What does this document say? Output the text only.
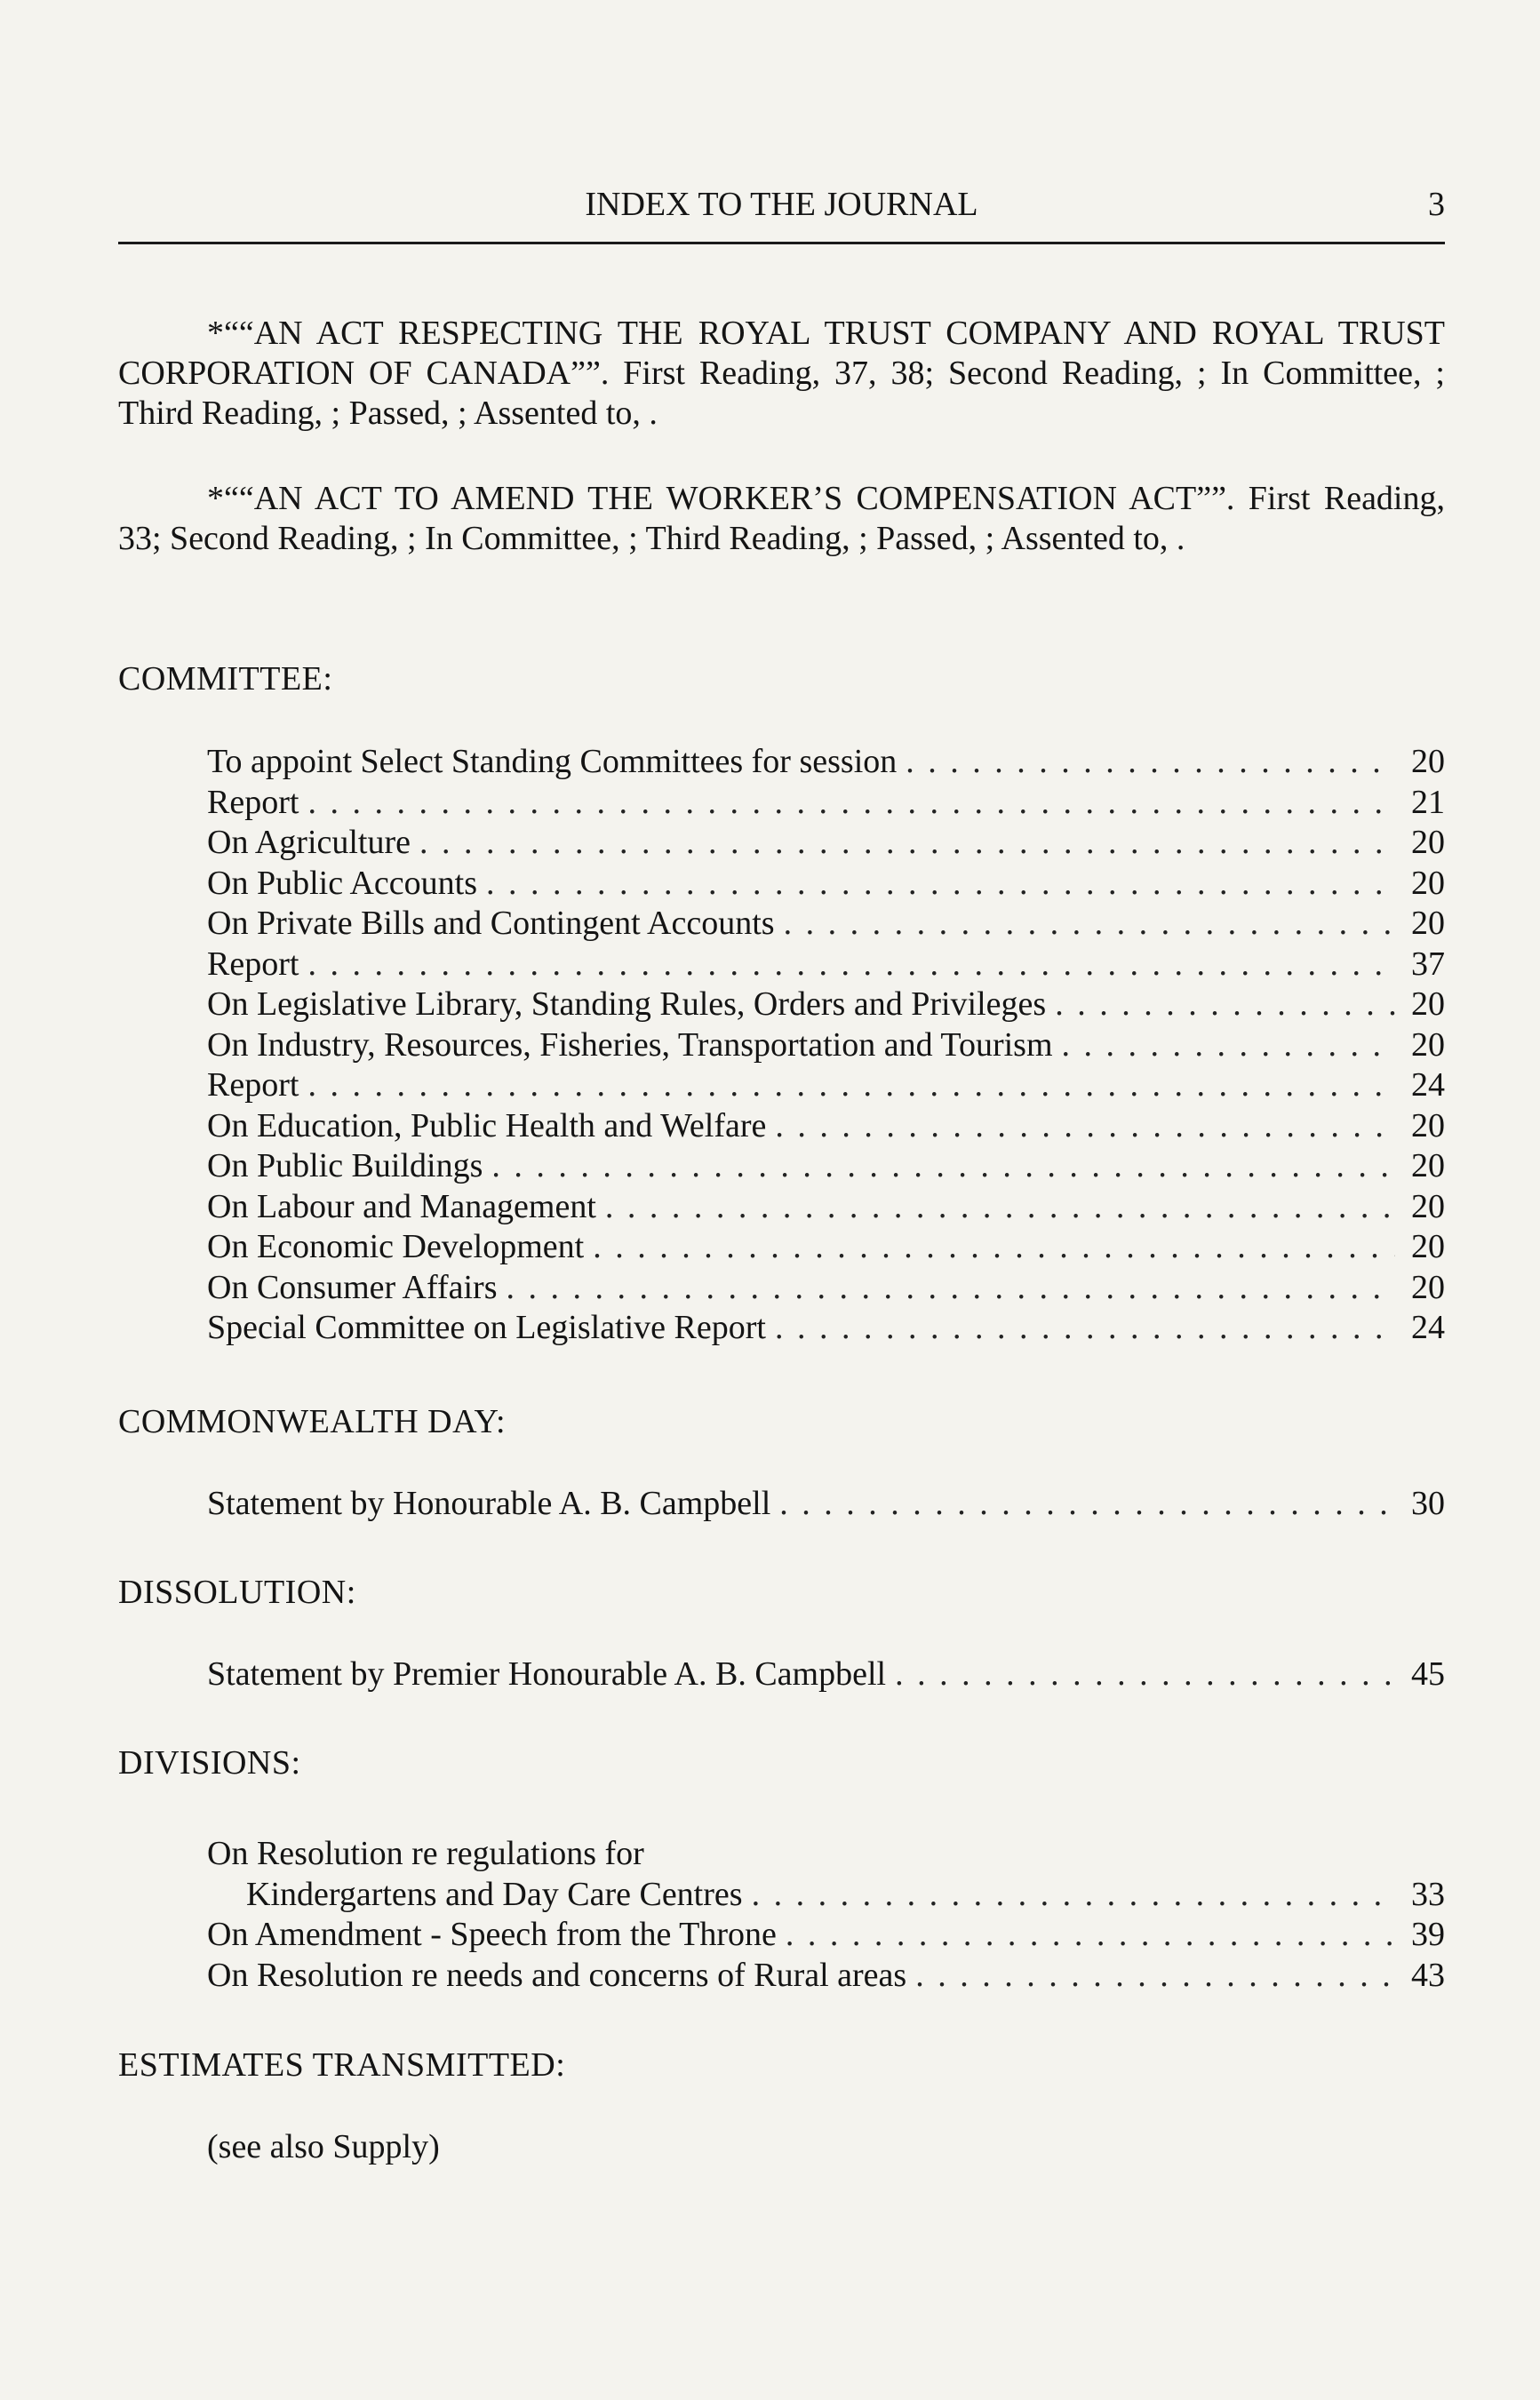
INDEX TO THE JOURNAL	3

*““AN ACT RESPECTING THE ROYAL TRUST COMPANY AND ROYAL TRUST CORPORATION OF CANADA””. First Reading, 37, 38; Second Reading, ; In Committee, ; Third Reading, ; Passed, ; Assented to, .

*““AN ACT TO AMEND THE WORKER’S COMPENSATION ACT””. First Reading, 33; Second Reading, ; In Committee, ; Third Reading, ; Passed, ; Assented to, .

COMMITTEE:
To appoint Select Standing Committees for session . . .	20
Report . . .	21
On Agriculture . . .	20
On Public Accounts . . .	20
On Private Bills and Contingent Accounts . . .	20
Report . . .	37
On Legislative Library, Standing Rules, Orders and Privileges . . .	20
On Industry, Resources, Fisheries, Transportation and Tourism . . .	20
Report . . .	24
On Education, Public Health and Welfare . . .	20
On Public Buildings . . .	20
On Labour and Management . . .	20
On Economic Development . . .	20
On Consumer Affairs . . .	20
Special Committee on Legislative Report . . .	24
COMMONWEALTH DAY:
Statement by Honourable A. B. Campbell . . .	30
DISSOLUTION:
Statement by Premier Honourable A. B. Campbell . . .	45
DIVISIONS:
On Resolution re regulations for
Kindergartens and Day Care Centres . . .	33
On Amendment - Speech from the Throne . . .	39
On Resolution re needs and concerns of Rural areas . . .	43
ESTIMATES TRANSMITTED:
(see also Supply)
